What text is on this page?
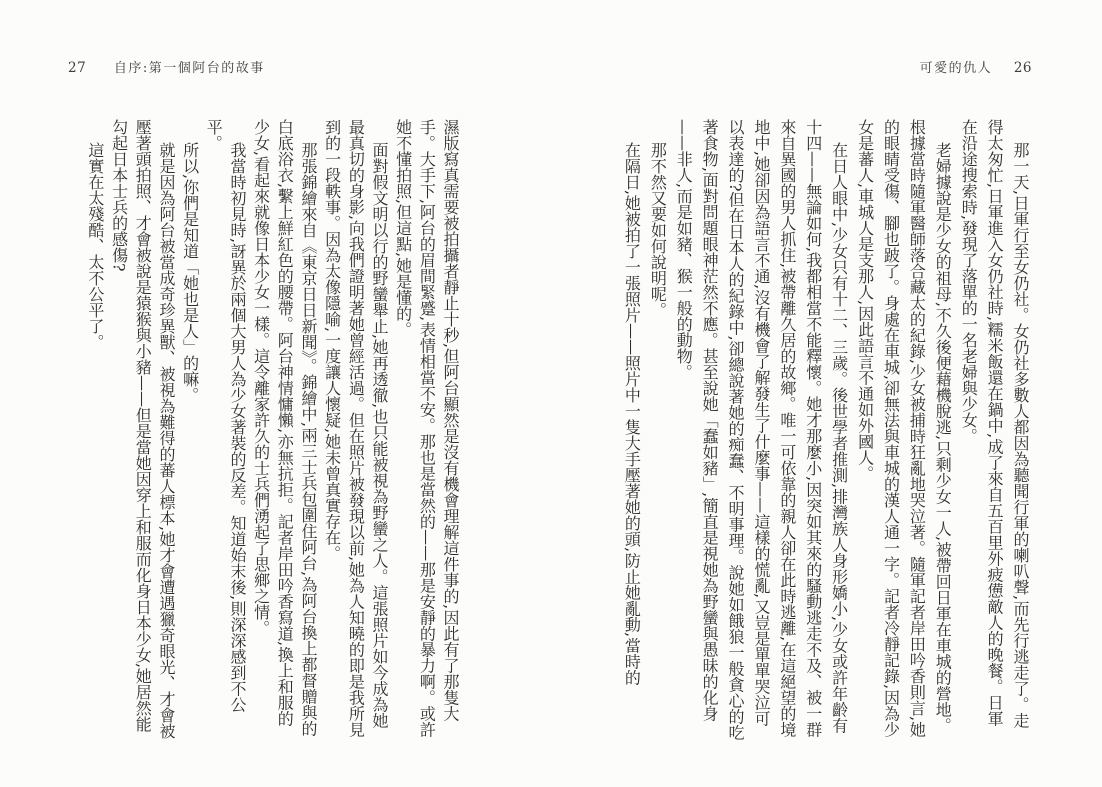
27 自序:第一個阿台的故事

濕版寫真需要被拍攝者靜止十秒,但阿台顯然是沒有機會理解這件事的,因此有了那隻大手。大手下,阿台的眉間緊蹙,表情相當不安。那也是當然的——那是安靜的暴力啊。或許她不懂拍照,但這點,她是懂的。

面對假文明以行的野蠻舉止,她再透徹,也只能被視為野蠻之人。這張照片如今成為她最真切的身影,向我們證明著她曾經活過。但在照片被發現以前,她為人知曉的即是我所見到的一段軼事。因為太像隱喻,一度讓人懷疑,她未曾真實存在。

那張錦繪來自《東京日日新聞》。錦繪中,兩三士兵包圍住阿台,為阿台換上都督贈與的白底浴衣,繫上鮮紅色的腰帶。阿台神情慵懶,亦無抗拒。記者岸田吟香寫道,換上和服的少女,看起來就像日本少女一樣。這令離家許久的士兵們湧起了思鄉之情。

我當時初見時,訝異於兩個大男人為少女著裝的反差。知道始末後,則深深感到不公平。

所以,你們是知道「她也是人」的嘛。

就是因為阿台被當成奇珍異獸、被視為難得的蕃人標本,她才會遭遇獵奇眼光、才會被壓著頭拍照、才會被說是猿猴與小豬——但是當她因穿上和服而化身日本少女,她居然能勾起日本士兵的感傷?

這實在太殘酷、太不公平了。

可愛的仇人 26

那一天,日軍行至女仍社。女仍社多數人都因為聽聞行軍的喇叭聲,而先行逃走了。走得太匆忙,日軍進入女仍社時,糯米飯還在鍋中,成了來自五百里外疲憊敵人的晚餐。日軍在沿途搜索時,發現了落單的一名老婦與少女。

老婦據說是少女的祖母,不久後便藉機脫逃,只剩少女一人,被帶回日軍在車城的營地。根據當時隨軍醫師落合藏太的紀錄,少女被捕時狂亂地哭泣著。隨軍記者岸田吟香則言,她的眼睛受傷、腳也跛了。身處在車城,卻無法與車城的漢人通一字。記者冷靜記錄,因為少女是蕃人,車城人是支那人,因此語言不通如外國人。

在日人眼中,少女只有十二、三歲。後世學者推測,排灣族人身形嬌小,少女或許年齡有十四——無論如何,我都相當不能釋懷。她才那麼小,因突如其來的騷動逃走不及、被一群來自異國的男人抓住,被帶離久居的故鄉。唯一可依靠的親人卻在此時逃離,在這絕望的境地中,她卻因為語言不通,沒有機會了解發生了什麼事——這樣的慌亂,又豈是單單哭泣可以表達的?但在日本人的紀錄中,卻總說著她的痴蠢、不明事理。說她如餓狼一般貪心的吃著食物,面對問題眼神茫然不應。甚至說她「蠢如豬」,簡直是視她為野蠻與愚昧的化身——非人,而是如豬、猴一般的動物。

那不然又要如何說明呢。

在隔日,她被拍了一張照片——照片中一隻大手壓著她的頭,防止她亂動,當時的
